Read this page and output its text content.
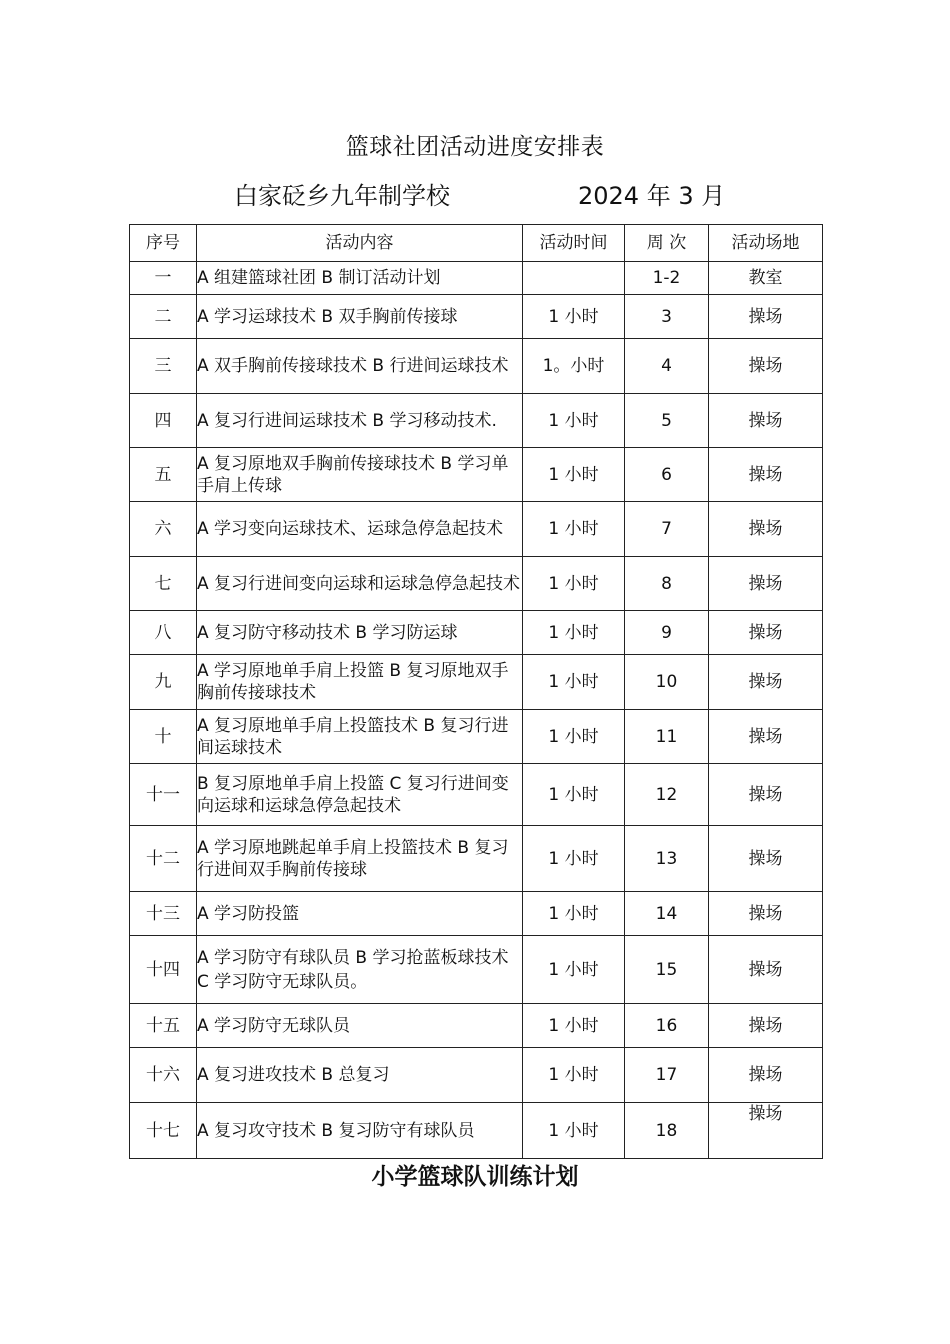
篮球社团活动进度安排表
白家砭乡九年制学校	2024 年 3 月
序号	活动内容	活动时间	周 次	活动场地
一	A 组建篮球社团 B 制订活动计划		1-2	教室
二	A 学习运球技术 B 双手胸前传接球	1 小时	3	操场
三	A 双手胸前传接球技术 B 行进间运球技术	1。小时	4	操场
四	A 复习行进间运球技术 B 学习移动技术.	1 小时	5	操场
五	A 复习原地双手胸前传接球技术 B 学习单手肩上传球	1 小时	6	操场
六	A 学习变向运球技术、运球急停急起技术	1 小时	7	操场
七	A 复习行进间变向运球和运球急停急起技术	1 小时	8	操场
八	A 复习防守移动技术 B 学习防运球	1 小时	9	操场
九	A 学习原地单手肩上投篮 B 复习原地双手胸前传接球技术	1 小时	10	操场
十	A 复习原地单手肩上投篮技术 B 复习行进间运球技术	1 小时	11	操场
十一	B 复习原地单手肩上投篮 C 复习行进间变向运球和运球急停急起技术	1 小时	12	操场
十二	A 学习原地跳起单手肩上投篮技术 B 复习行进间双手胸前传接球	1 小时	13	操场
十三	A 学习防投篮	1 小时	14	操场
十四	A 学习防守有球队员 B 学习抢蓝板球技术 C 学习防守无球队员。	1 小时	15	操场
十五	A 学习防守无球队员	1 小时	16	操场
十六	A 复习进攻技术 B 总复习	1 小时	17	操场
十七	A 复习攻守技术 B 复习防守有球队员	1 小时	18	操场
小学篮球队训练计划
